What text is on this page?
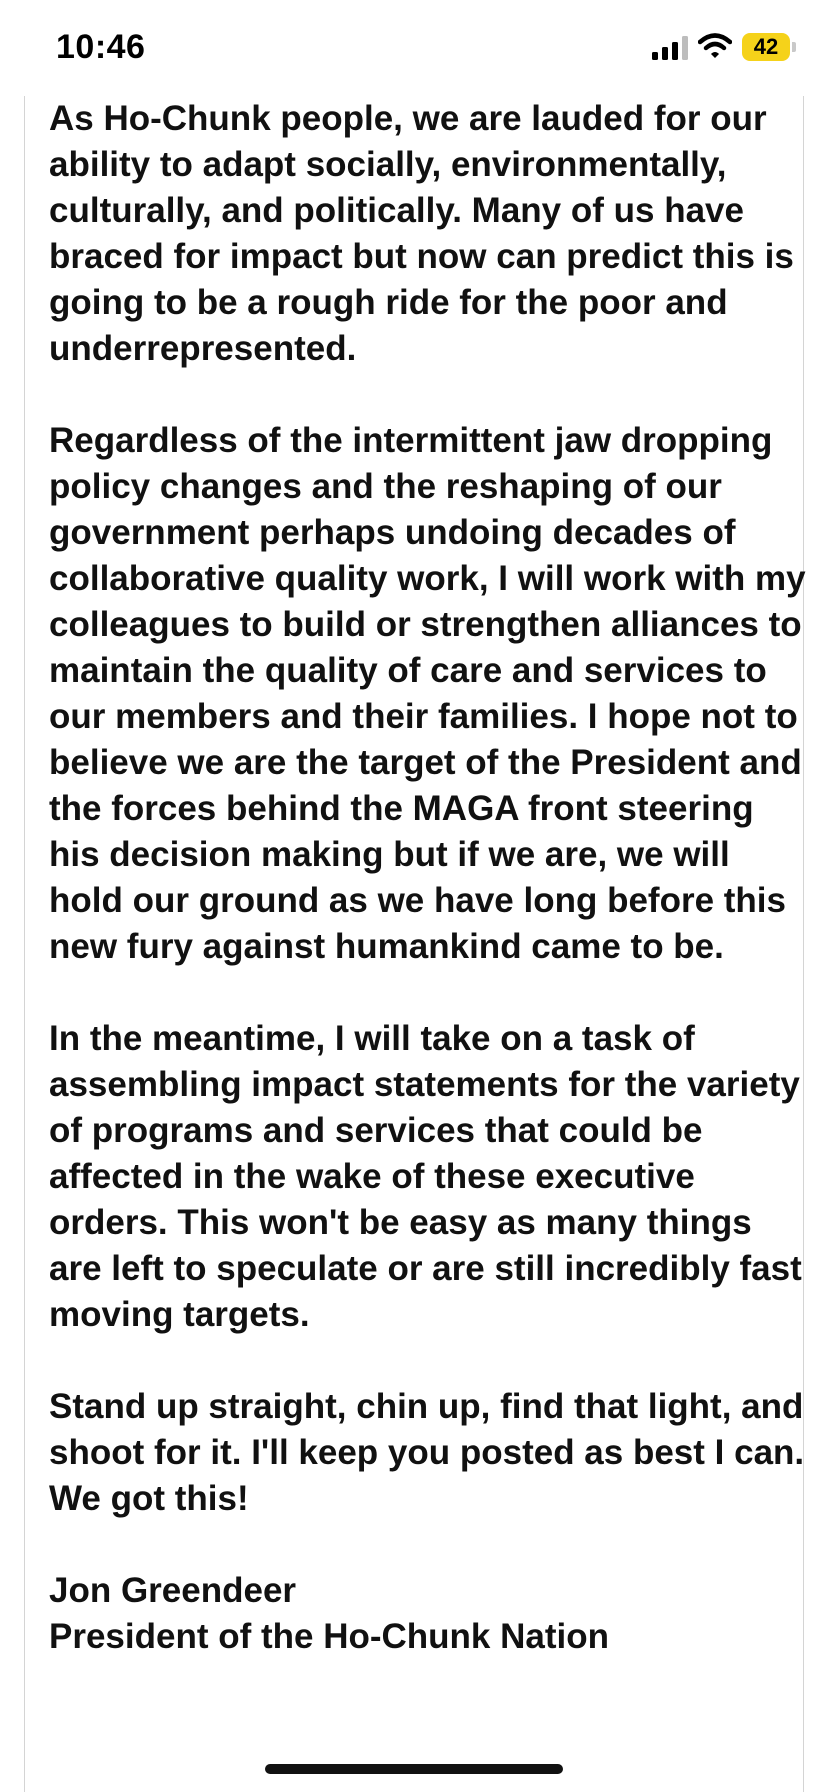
10:46	42

As Ho-Chunk people, we are lauded for our ability to adapt socially, environmentally, culturally, and politically. Many of us have braced for impact but now can predict this is going to be a rough ride for the poor and underrepresented.

Regardless of the intermittent jaw dropping policy changes and the reshaping of our government perhaps undoing decades of collaborative quality work, I will work with my colleagues to build or strengthen alliances to maintain the quality of care and services to our members and their families. I hope not to believe we are the target of the President and the forces behind the MAGA front steering his decision making but if we are, we will hold our ground as we have long before this new fury against humankind came to be.

In the meantime, I will take on a task of assembling impact statements for the variety of programs and services that could be affected in the wake of these executive orders. This won't be easy as many things are left to speculate or are still incredibly fast moving targets.

Stand up straight, chin up, find that light, and shoot for it. I'll keep you posted as best I can. We got this!

Jon Greendeer

President of the Ho-Chunk Nation
